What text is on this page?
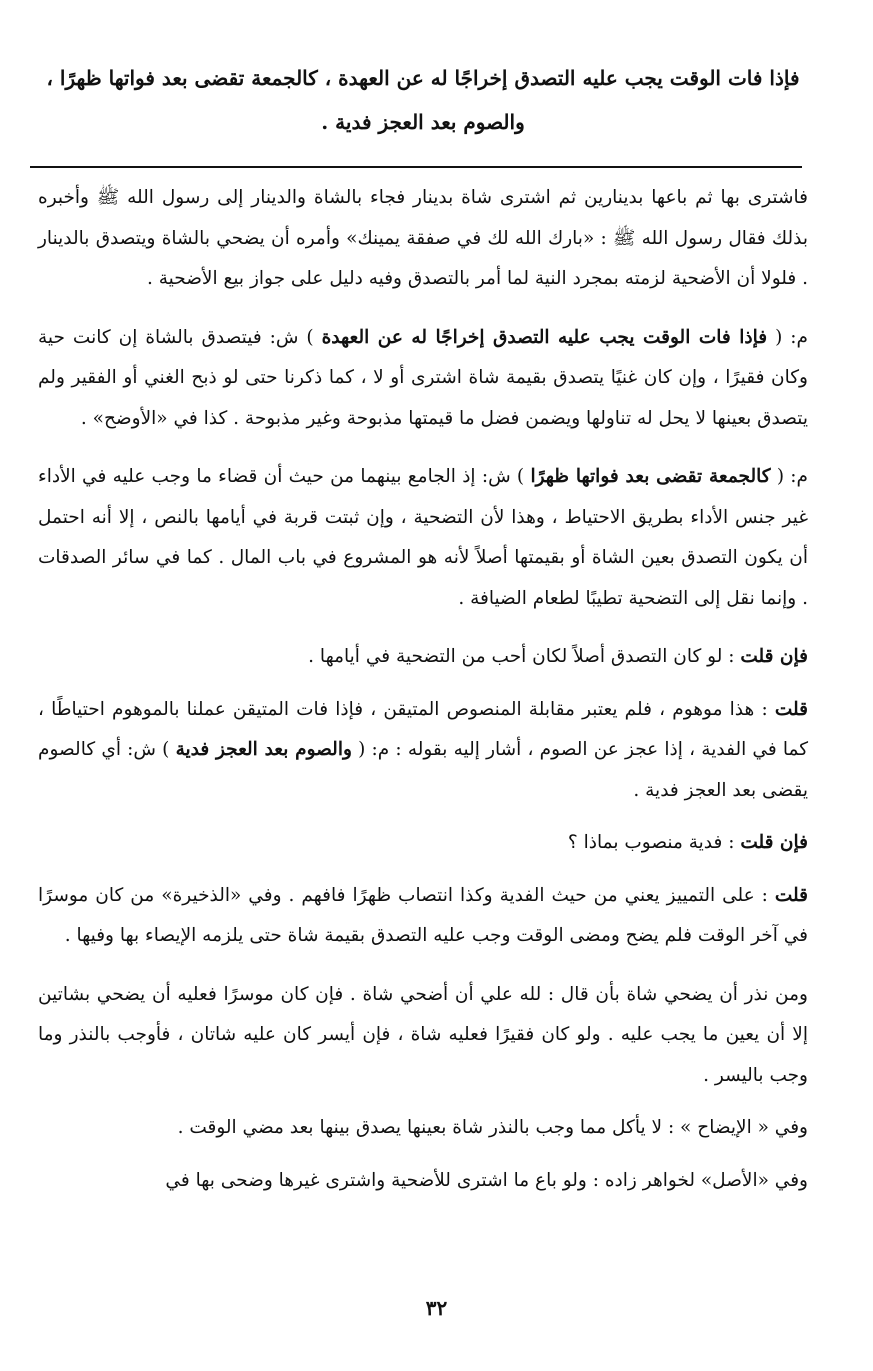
فإذا فات الوقت يجب عليه التصدق إخراجًا له عن العهدة ، كالجمعة تقضى بعد فواتها ظهرًا ،
والصوم بعد العجز فدية .

فاشترى بها ثم باعها بدينارين ثم اشترى شاة بدينار فجاء بالشاة والدينار إلى رسول الله ﷺ وأخبره بذلك فقال رسول الله ﷺ : «بارك الله لك في صفقة يمينك» وأمره أن يضحي بالشاة ويتصدق بالدينار . فلولا أن الأضحية لزمته بمجرد النية لما أمر بالتصدق وفيه دليل على جواز بيع الأضحية .

م: ( فإذا فات الوقت يجب عليه التصدق إخراجًا له عن العهدة ) ش: فيتصدق بالشاة إن كانت حية وكان فقيرًا ، وإن كان غنيًا يتصدق بقيمة شاة اشترى أو لا ، كما ذكرنا حتى لو ذبح الغني أو الفقير ولم يتصدق بعينها لا يحل له تناولها ويضمن فضل ما قيمتها مذبوحة وغير مذبوحة . كذا في «الأوضح» .

م: ( كالجمعة تقضى بعد فواتها ظهرًا ) ش: إذ الجامع بينهما من حيث أن قضاء ما وجب عليه في الأداء غير جنس الأداء بطريق الاحتياط ، وهذا لأن التضحية ، وإن ثبتت قربة في أيامها بالنص ، إلا أنه احتمل أن يكون التصدق بعين الشاة أو بقيمتها أصلاً لأنه هو المشروع في باب المال . كما في سائر الصدقات . وإنما نقل إلى التضحية تطيبًا لطعام الضيافة .

فإن قلت : لو كان التصدق أصلاً لكان أحب من التضحية في أيامها .

قلت : هذا موهوم ، فلم يعتبر مقابلة المنصوص المتيقن ، فإذا فات المتيقن عملنا بالموهوم احتياطًا ، كما في الفدية ، إذا عجز عن الصوم ، أشار إليه بقوله : م: ( والصوم بعد العجز فدية ) ش: أي كالصوم يقضى بعد العجز فدية .

فإن قلت : فدية منصوب بماذا ؟

قلت : على التمييز يعني من حيث الفدية وكذا انتصاب ظهرًا فافهم . وفي «الذخيرة» من كان موسرًا في آخر الوقت فلم يضح ومضى الوقت وجب عليه التصدق بقيمة شاة حتى يلزمه الإيصاء بها وفيها .

ومن نذر أن يضحي شاة بأن قال : لله علي أن أضحي شاة . فإن كان موسرًا فعليه أن يضحي بشاتين إلا أن يعين ما يجب عليه . ولو كان فقيرًا فعليه شاة ، فإن أيسر كان عليه شاتان ، فأوجب بالنذر وما وجب باليسر .

وفي « الإيضاح » : لا يأكل مما وجب بالنذر شاة بعينها يصدق بينها بعد مضي الوقت .

وفي «الأصل» لخواهر زاده : ولو باع ما اشترى للأضحية واشترى غيرها وضحى بها في

٣٢
